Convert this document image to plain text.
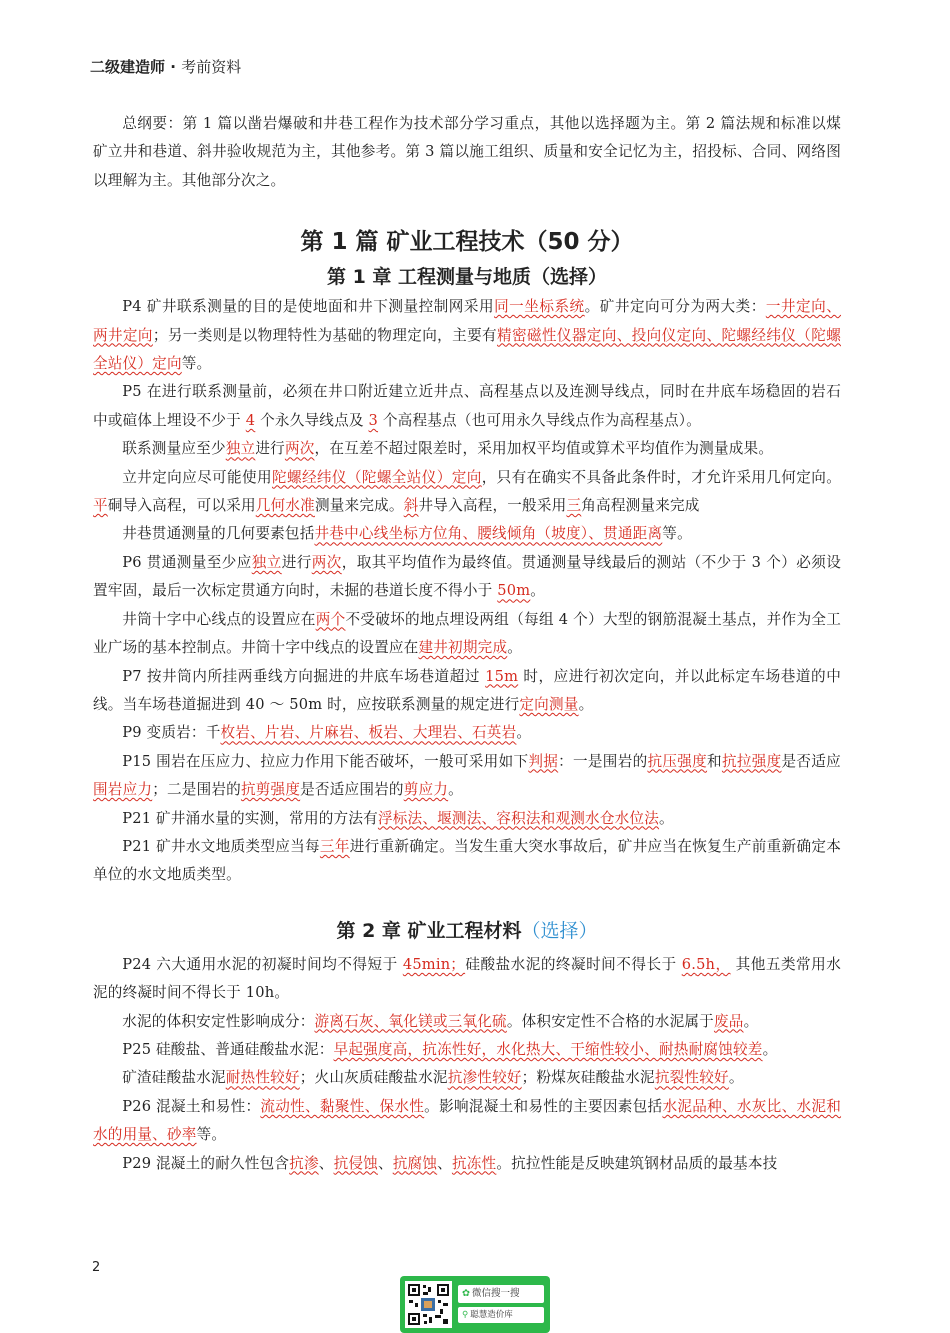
二级建造师 · 考前资料

总纲要：第 1 篇以凿岩爆破和井巷工程作为技术部分学习重点，其他以选择题为主。第 2 篇法规和标准以煤矿立井和巷道、斜井验收规范为主，其他参考。第 3 篇以施工组织、质量和安全记忆为主，招投标、合同、网络图以理解为主。其他部分次之。

第 1 篇 矿业工程技术（50 分）
第 1 章 工程测量与地质（选择）

P4 矿井联系测量的目的是使地面和井下测量控制网采用同一坐标系统。矿井定向可分为两大类：一井定向、两井定向；另一类则是以物理特性为基础的物理定向，主要有精密磁性仪器定向、投向仪定向、陀螺经纬仪（陀螺全站仪）定向等。

P5 在进行联系测量前，必须在井口附近建立近井点、高程基点以及连测导线点，同时在井底车场稳固的岩石中或碹体上埋设不少于 4 个永久导线点及 3 个高程基点（也可用永久导线点作为高程基点）。

联系测量应至少独立进行两次，在互差不超过限差时，采用加权平均值或算术平均值作为测量成果。

立井定向应尽可能使用陀螺经纬仪（陀螺全站仪）定向，只有在确实不具备此条件时，才允许采用几何定向。平硐导入高程，可以采用几何水准测量来完成。斜井导入高程，一般采用三角高程测量来完成

井巷贯通测量的几何要素包括井巷中心线坐标方位角、腰线倾角（坡度）、贯通距离等。

P6 贯通测量至少应独立进行两次，取其平均值作为最终值。贯通测量导线最后的测站（不少于 3 个）必须设置牢固，最后一次标定贯通方向时，未掘的巷道长度不得小于 50m。

井筒十字中心线点的设置应在两个不受破坏的地点埋设两组（每组 4 个）大型的钢筋混凝土基点，并作为全工业广场的基本控制点。井筒十字中线点的设置应在建井初期完成。

P7 按井筒内所挂两垂线方向掘进的井底车场巷道超过 15m 时，应进行初次定向，并以此标定车场巷道的中线。当车场巷道掘进到 40 ～ 50m 时，应按联系测量的规定进行定向测量。

P9 变质岩：千枚岩、片岩、片麻岩、板岩、大理岩、石英岩。

P15 围岩在压应力、拉应力作用下能否破坏，一般可采用如下判据：一是围岩的抗压强度和抗拉强度是否适应围岩应力；二是围岩的抗剪强度是否适应围岩的剪应力。

P21 矿井涌水量的实测，常用的方法有浮标法、堰测法、容积法和观测水仓水位法。

P21 矿井水文地质类型应当每三年进行重新确定。当发生重大突水事故后，矿井应当在恢复生产前重新确定本单位的水文地质类型。

第 2 章 矿业工程材料（选择）

P24 六大通用水泥的初凝时间均不得短于 45min；硅酸盐水泥的终凝时间不得长于 6.5h， 其他五类常用水泥的终凝时间不得长于 10h。

水泥的体积安定性影响成分：游离石灰、氧化镁或三氧化硫。体积安定性不合格的水泥属于废品。

P25 硅酸盐、普通硅酸盐水泥：早起强度高，抗冻性好，水化热大、干缩性较小、耐热耐腐蚀较差。

矿渣硅酸盐水泥耐热性较好；火山灰质硅酸盐水泥抗渗性较好；粉煤灰硅酸盐水泥抗裂性较好。

P26 混凝土和易性：流动性、黏聚性、保水性。影响混凝土和易性的主要因素包括水泥品种、水灰比、水泥和水的用量、砂率等。

P29 混凝土的耐久性包含抗渗、抗侵蚀、抗腐蚀、抗冻性。抗拉性能是反映建筑钢材品质的最基本技

2
✿ 微信搜一搜
⚲ 聪慧造价库
